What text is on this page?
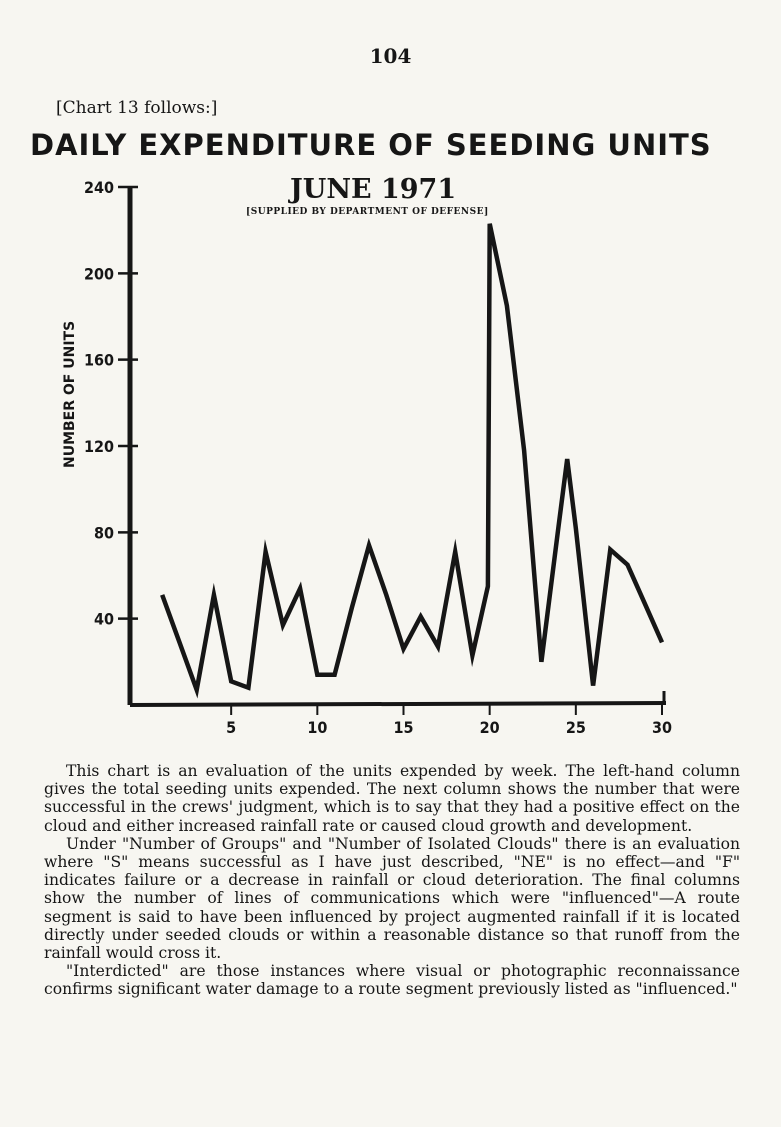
104
[Chart 13 follows:]
DAILY EXPENDITURE OF SEEDING UNITS
JUNE 1971
[SUPPLIED BY DEPARTMENT OF DEFENSE]
NUMBER OF UNITS
40
80
120
160
200
240
5	10	15	20	25	30

This chart is an evaluation of the units expended by week. The left-hand column gives the total seeding units expended. The next column shows the number that were successful in the crews' judgment, which is to say that they had a positive effect on the cloud and either increased rainfall rate or caused cloud growth and development.

Under "Number of Groups" and "Number of Isolated Clouds" there is an evaluation where "S" means successful as I have just described, "NE" is no effect—and "F" indicates failure or a decrease in rainfall or cloud deterioration. The final columns show the number of lines of communications which were "influenced"—A route segment is said to have been influenced by project augmented rainfall if it is located directly under seeded clouds or within a reasonable distance so that runoff from the rainfall would cross it.

"Interdicted" are those instances where visual or photographic reconnaissance confirms significant water damage to a route segment previously listed as "influenced."
